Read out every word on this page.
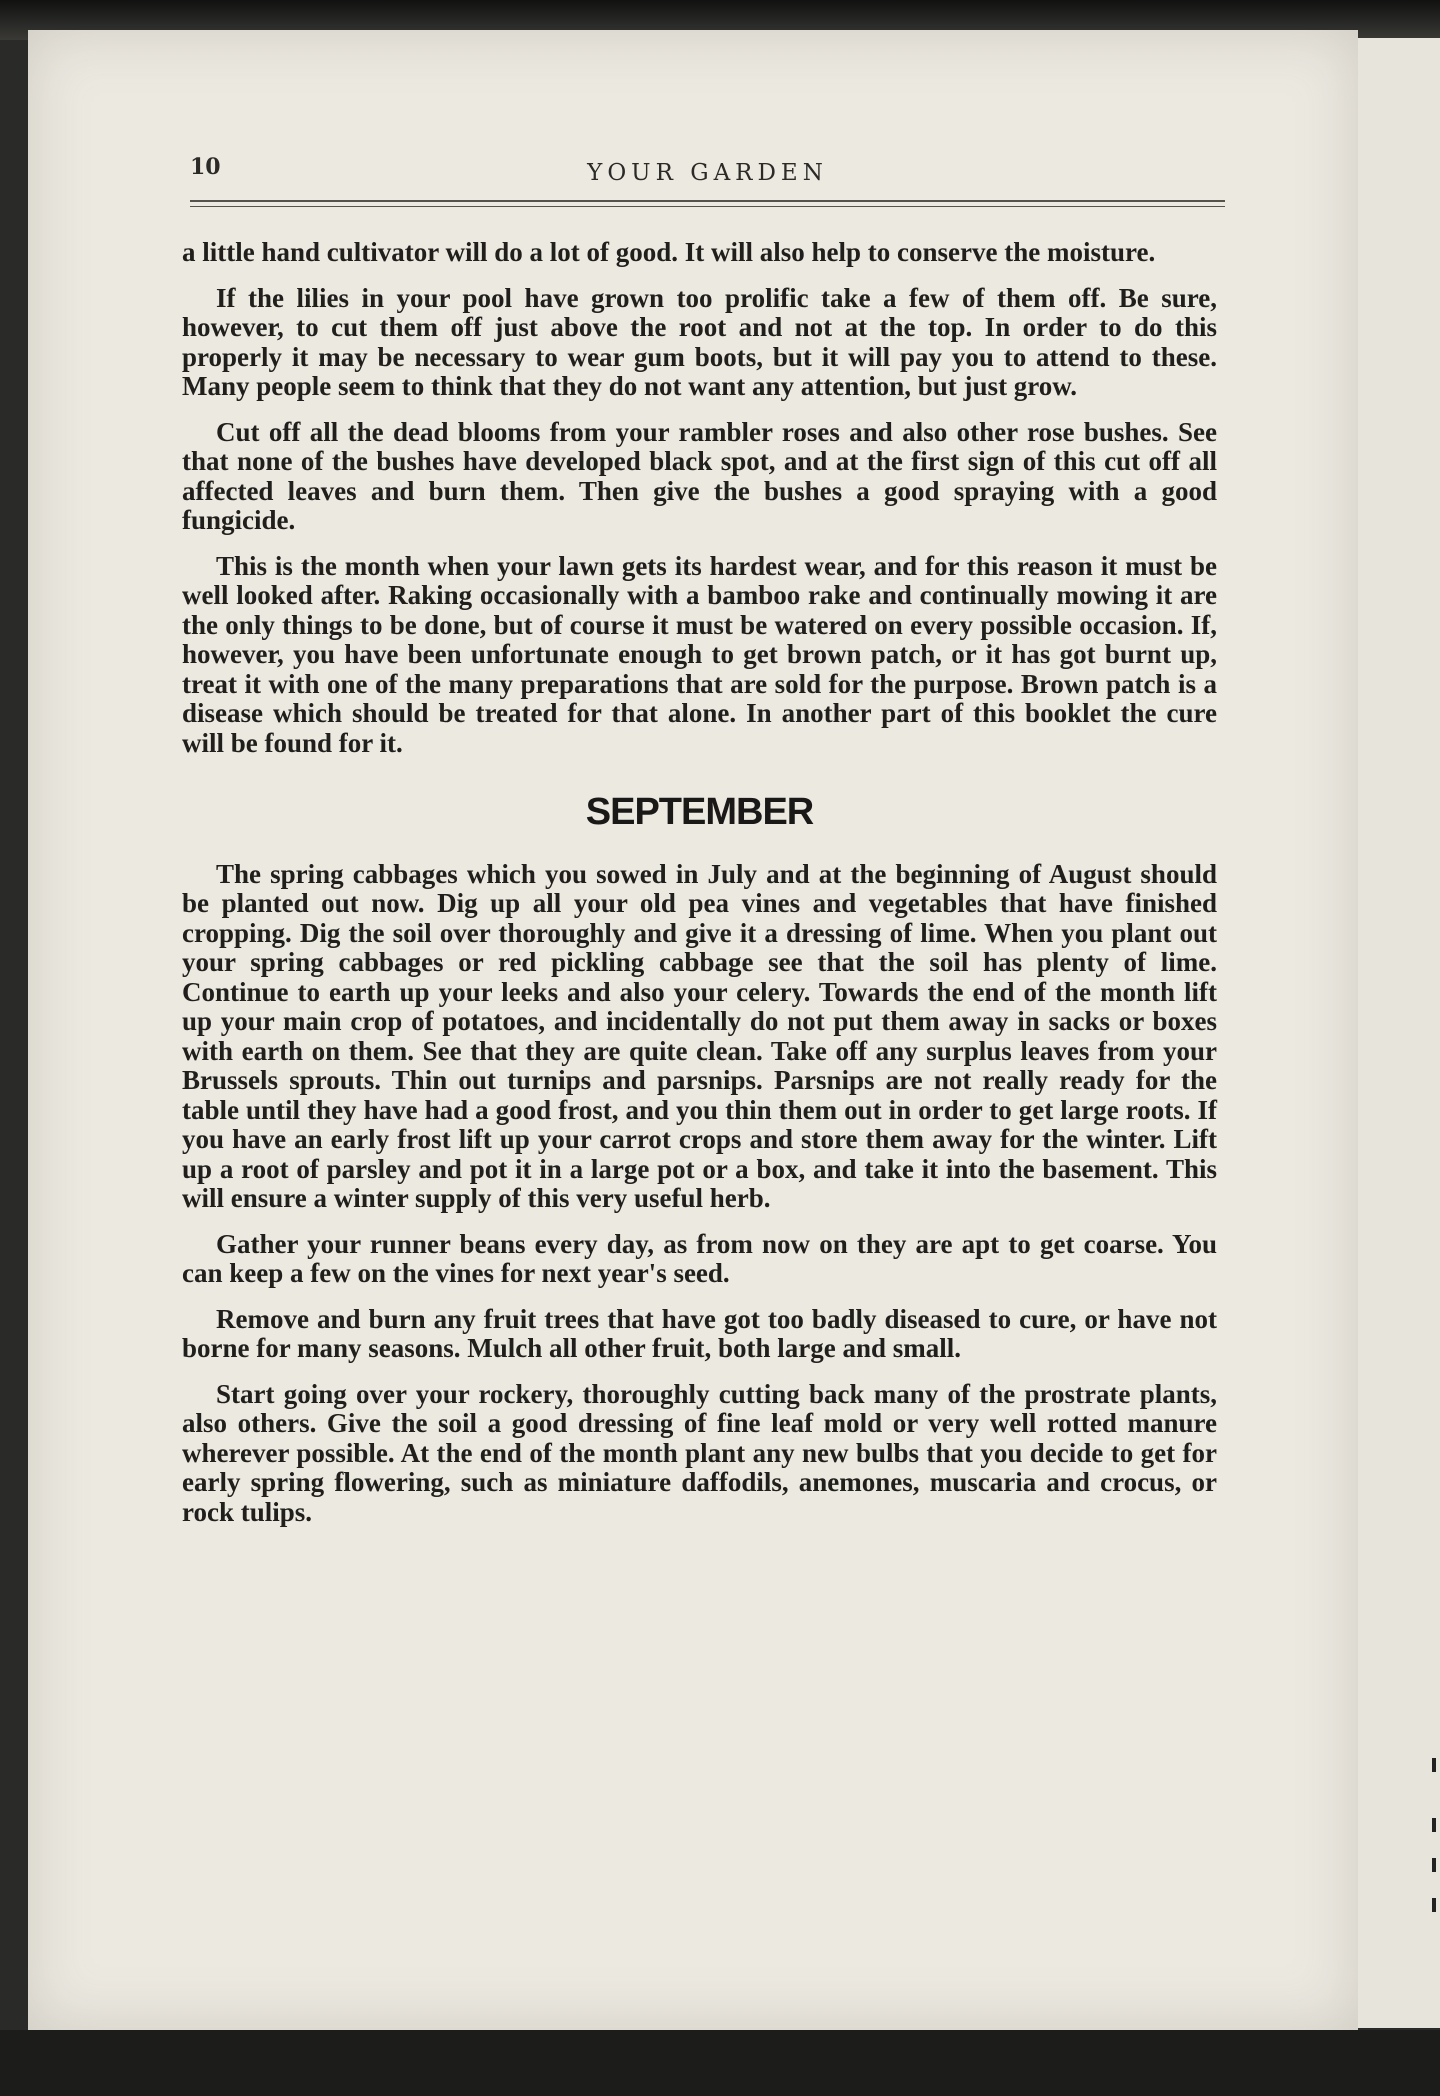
10	YOUR GARDEN

a little hand cultivator will do a lot of good. It will also help to conserve the moisture.

If the lilies in your pool have grown too prolific take a few of them off. Be sure, however, to cut them off just above the root and not at the top. In order to do this properly it may be necessary to wear gum boots, but it will pay you to attend to these. Many people seem to think that they do not want any attention, but just grow.

Cut off all the dead blooms from your rambler roses and also other rose bushes. See that none of the bushes have developed black spot, and at the first sign of this cut off all affected leaves and burn them. Then give the bushes a good spraying with a good fungicide.

This is the month when your lawn gets its hardest wear, and for this reason it must be well looked after. Raking occasionally with a bamboo rake and continually mowing it are the only things to be done, but of course it must be watered on every possible occasion. If, however, you have been unfortunate enough to get brown patch, or it has got burnt up, treat it with one of the many preparations that are sold for the purpose. Brown patch is a disease which should be treated for that alone. In another part of this booklet the cure will be found for it.

SEPTEMBER

The spring cabbages which you sowed in July and at the beginning of August should be planted out now. Dig up all your old pea vines and vegetables that have finished cropping. Dig the soil over thoroughly and give it a dressing of lime. When you plant out your spring cabbages or red pickling cabbage see that the soil has plenty of lime. Continue to earth up your leeks and also your celery. Towards the end of the month lift up your main crop of potatoes, and incidentally do not put them away in sacks or boxes with earth on them. See that they are quite clean. Take off any surplus leaves from your Brussels sprouts. Thin out turnips and parsnips. Parsnips are not really ready for the table until they have had a good frost, and you thin them out in order to get large roots. If you have an early frost lift up your carrot crops and store them away for the winter. Lift up a root of parsley and pot it in a large pot or a box, and take it into the basement. This will ensure a winter supply of this very useful herb.

Gather your runner beans every day, as from now on they are apt to get coarse. You can keep a few on the vines for next year's seed.

Remove and burn any fruit trees that have got too badly diseased to cure, or have not borne for many seasons. Mulch all other fruit, both large and small.

Start going over your rockery, thoroughly cutting back many of the prostrate plants, also others. Give the soil a good dressing of fine leaf mold or very well rotted manure wherever possible. At the end of the month plant any new bulbs that you decide to get for early spring flowering, such as miniature daffodils, anemones, muscaria and crocus, or rock tulips.
